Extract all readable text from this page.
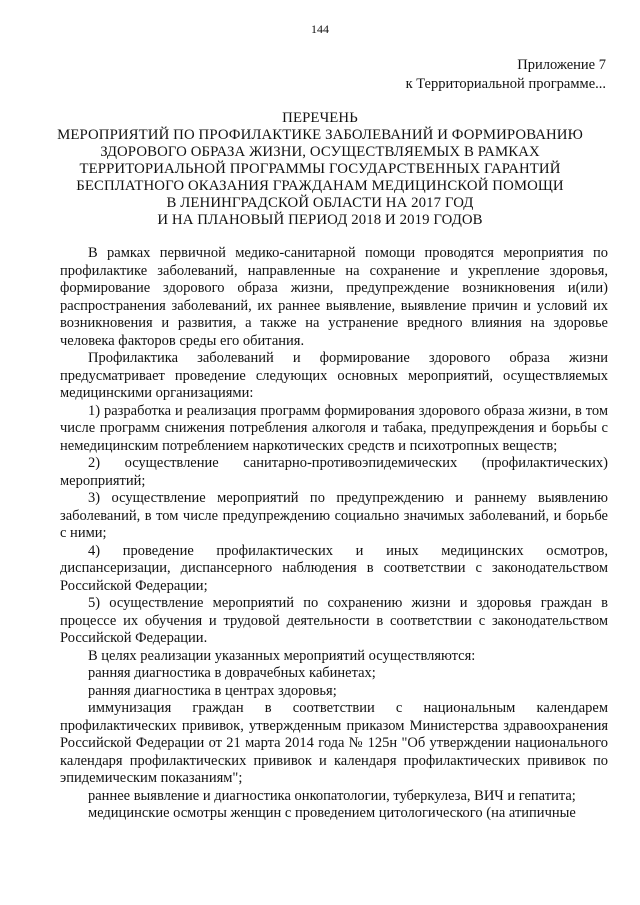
144
Приложение 7
к Территориальной программе...
ПЕРЕЧЕНЬ
МЕРОПРИЯТИЙ ПО ПРОФИЛАКТИКЕ ЗАБОЛЕВАНИЙ И ФОРМИРОВАНИЮ
ЗДОРОВОГО ОБРАЗА ЖИЗНИ, ОСУЩЕСТВЛЯЕМЫХ В РАМКАХ
ТЕРРИТОРИАЛЬНОЙ ПРОГРАММЫ ГОСУДАРСТВЕННЫХ ГАРАНТИЙ
БЕСПЛАТНОГО ОКАЗАНИЯ ГРАЖДАНАМ МЕДИЦИНСКОЙ ПОМОЩИ
В ЛЕНИНГРАДСКОЙ ОБЛАСТИ НА 2017 ГОД
И НА ПЛАНОВЫЙ ПЕРИОД 2018 И 2019 ГОДОВ

В рамках первичной медико-санитарной помощи проводятся мероприятия по профилактике заболеваний, направленные на сохранение и укрепление здоровья, формирование здорового образа жизни, предупреждение возникновения и(или) распространения заболеваний, их раннее выявление, выявление причин и условий их возникновения и развития, а также на устранение вредного влияния на здоровье человека факторов среды его обитания.

Профилактика заболеваний и формирование здорового образа жизни предусматривает проведение следующих основных мероприятий, осуществляемых медицинскими организациями:

1) разработка и реализация программ формирования здорового образа жизни, в том числе программ снижения потребления алкоголя и табака, предупреждения и борьбы с немедицинским потреблением наркотических средств и психотропных веществ;

2) осуществление санитарно-противоэпидемических (профилактических) мероприятий;

3) осуществление мероприятий по предупреждению и раннему выявлению заболеваний, в том числе предупреждению социально значимых заболеваний, и борьбе с ними;

4) проведение профилактических и иных медицинских осмотров, диспансеризации, диспансерного наблюдения в соответствии с законодательством Российской Федерации;

5) осуществление мероприятий по сохранению жизни и здоровья граждан в процессе их обучения и трудовой деятельности в соответствии с законодательством Российской Федерации.

В целях реализации указанных мероприятий осуществляются:

ранняя диагностика в доврачебных кабинетах;

ранняя диагностика в центрах здоровья;

иммунизация граждан в соответствии с национальным календарем профилактических прививок, утвержденным приказом Министерства здравоохранения Российской Федерации от 21 марта 2014 года № 125н "Об утверждении национального календаря профилактических прививок и календаря профилактических прививок по эпидемическим показаниям";

раннее выявление и диагностика онкопатологии, туберкулеза, ВИЧ и гепатита;

медицинские осмотры женщин с проведением цитологического (на атипичные
